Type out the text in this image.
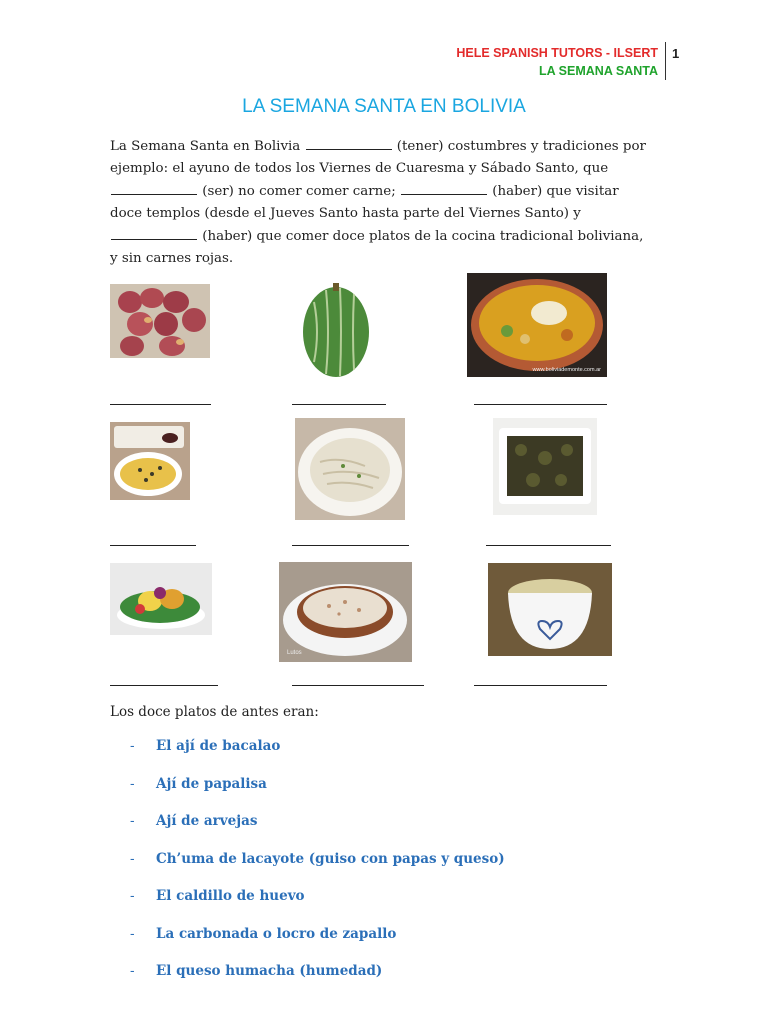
HELE SPANISH TUTORS - ILSERT
LA SEMANA SANTA
1
LA SEMANA SANTA EN BOLIVIA
La Semana Santa en Bolivia	(tener) costumbres y tradiciones por ejemplo: el ayuno de todos los Viernes de Cuaresma y Sábado Santo, que  (ser) no comer comer carne;	(haber) que visitar doce templos (desde el Jueves Santo hasta parte del Viernes Santo) y  (haber) que comer doce platos de la cocina tradicional boliviana, y sin carnes rojas.
www.boliviademonte.com.ar
Lutos
Los doce platos de antes eran:
-	El ají de bacalao
-	Ají de papalisa
-	Ají de arvejas
-	Ch’uma de lacayote (guiso con papas y queso)
-	El caldillo de huevo
-	La carbonada o locro de zapallo
-	El queso humacha (humedad)
